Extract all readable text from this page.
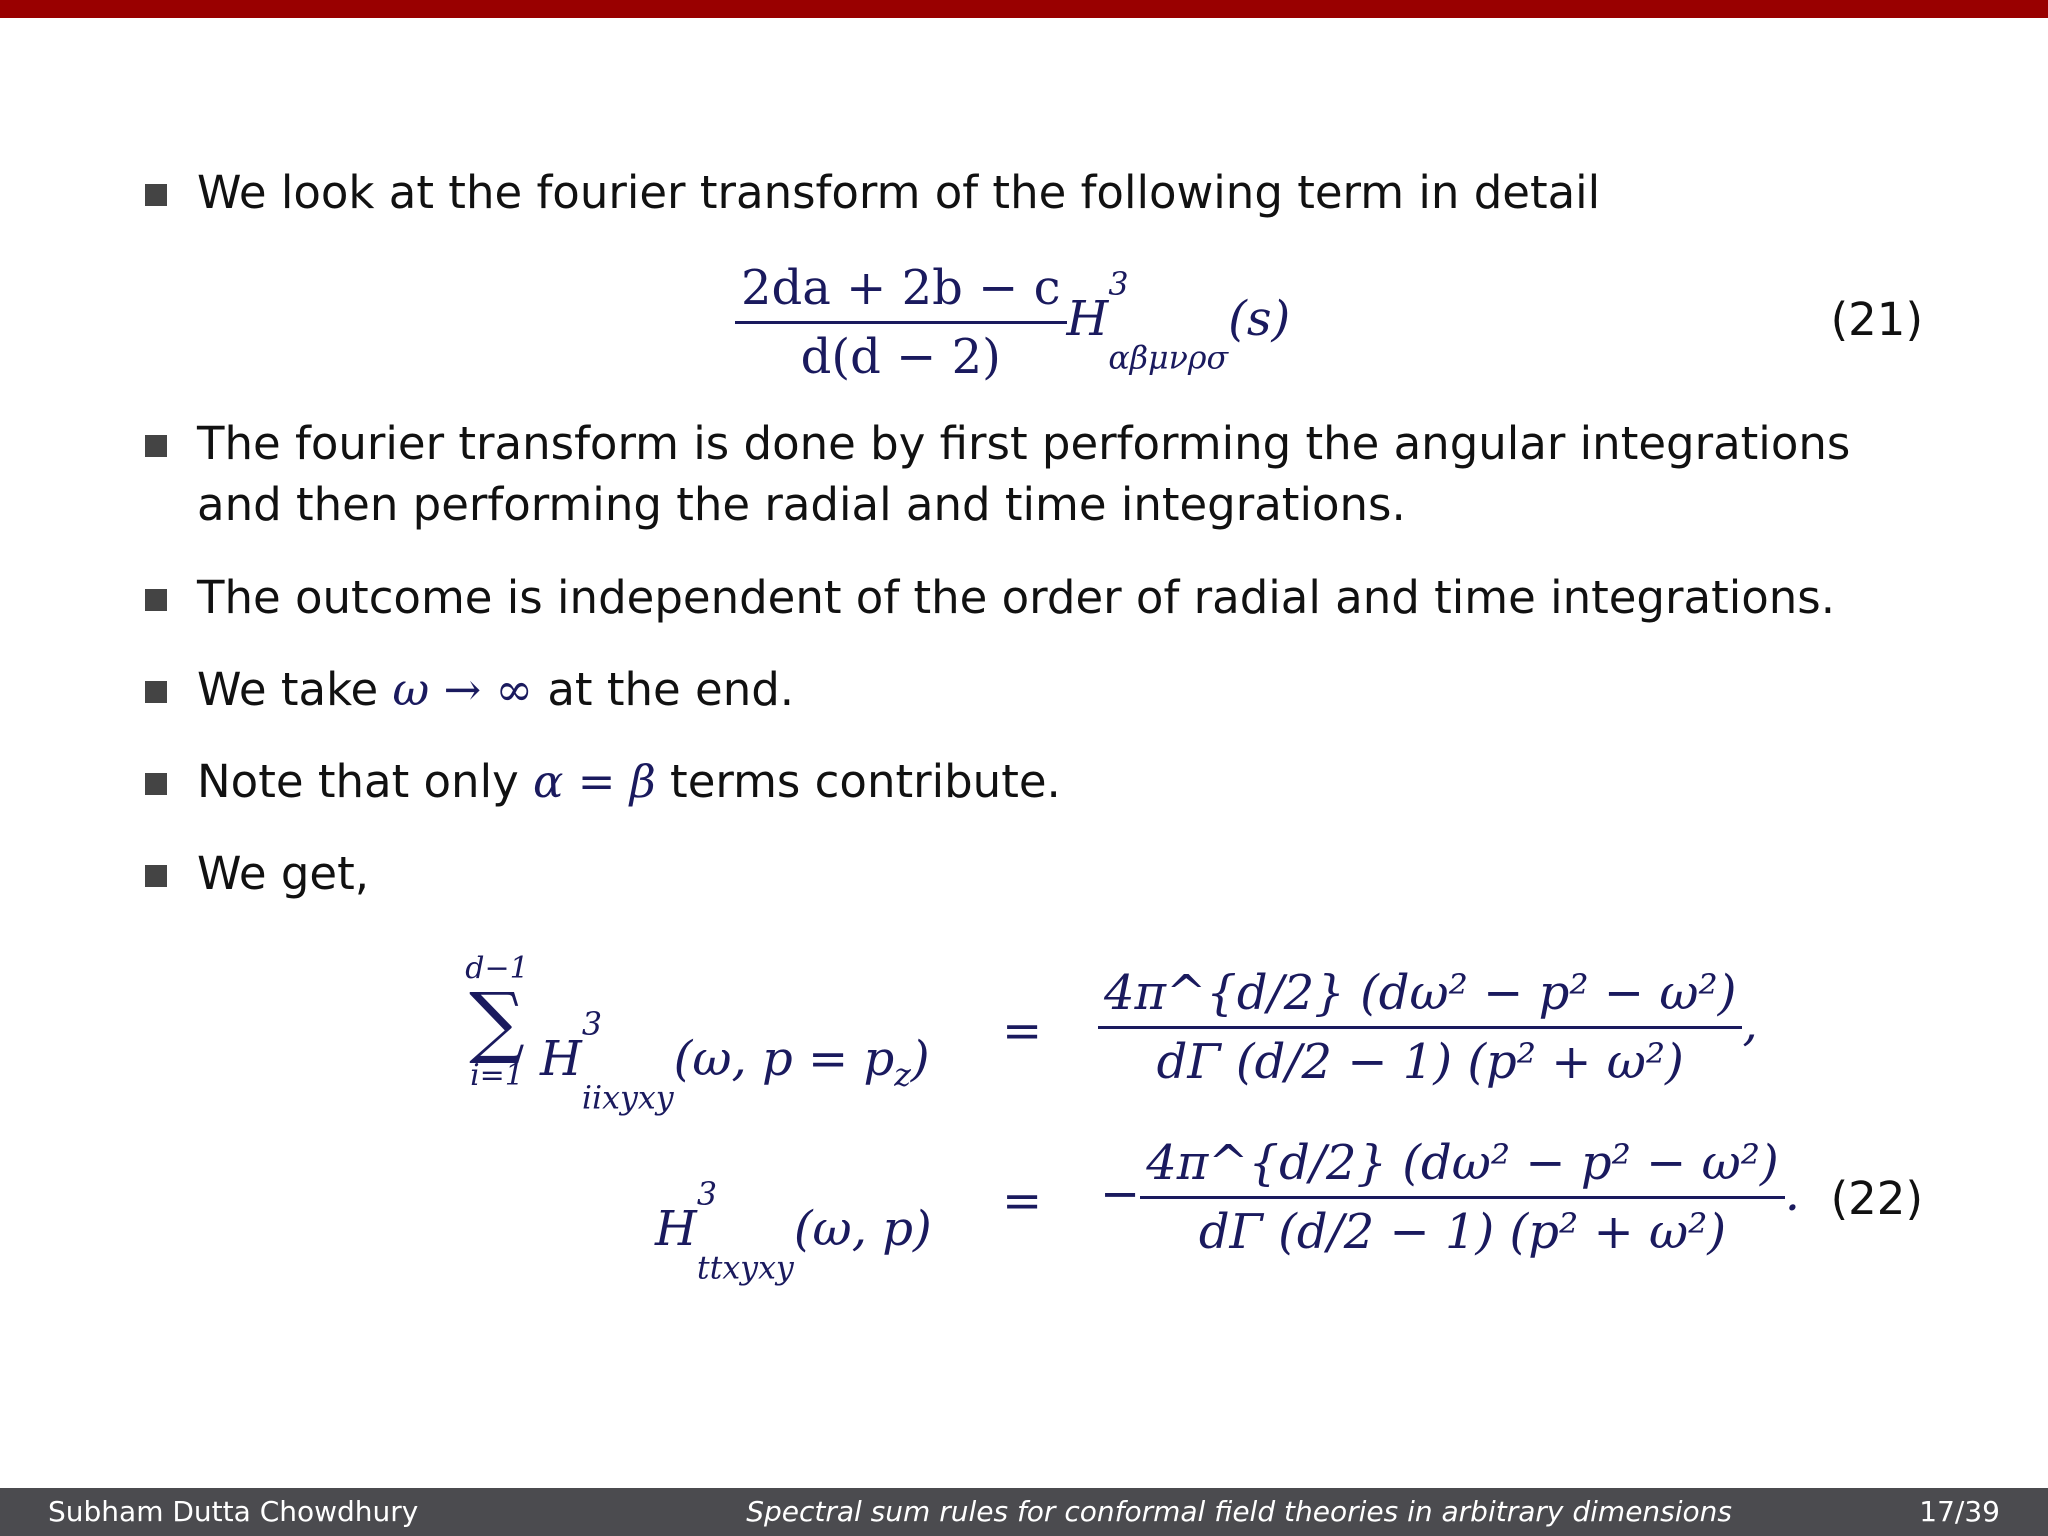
We look at the fourier transform of the following term in detail
$\frac{2da + 2b - c}{d(d - 2)} H^3$
$_{\alpha\beta\mu\nu\rho\sigma}$(s)	(21)
The fourier transform is done by first performing the angular integrations and then performing the radial and time integrations.
The outcome is independent of the order of radial and time integrations.
We take ω → ∞ at the end.
Note that only α = β terms contribute.
We get,
d−1
∑
i=1 $H^3$
$_{iixyxy}$(ω, $p = p_z) = \frac{\text{4π\textasciicircum{}\{d/2\} (dω² − p² − ω²)}}{\text{dΓ (d/2 − 1) (p² + ω²)}}$ ,
$H^3$
$_{ttxyxy}$(ω, p) = − $\frac{\text{4π\textasciicircum{}\{d/2\} (dω² − p² − ω²)}}{\text{dΓ (d/2 − 1) (p² + ω²)}}$ . (22)
Subham Dutta Chowdhury	Spectral sum rules for conformal field theories in arbitrary dimensions	17/39
